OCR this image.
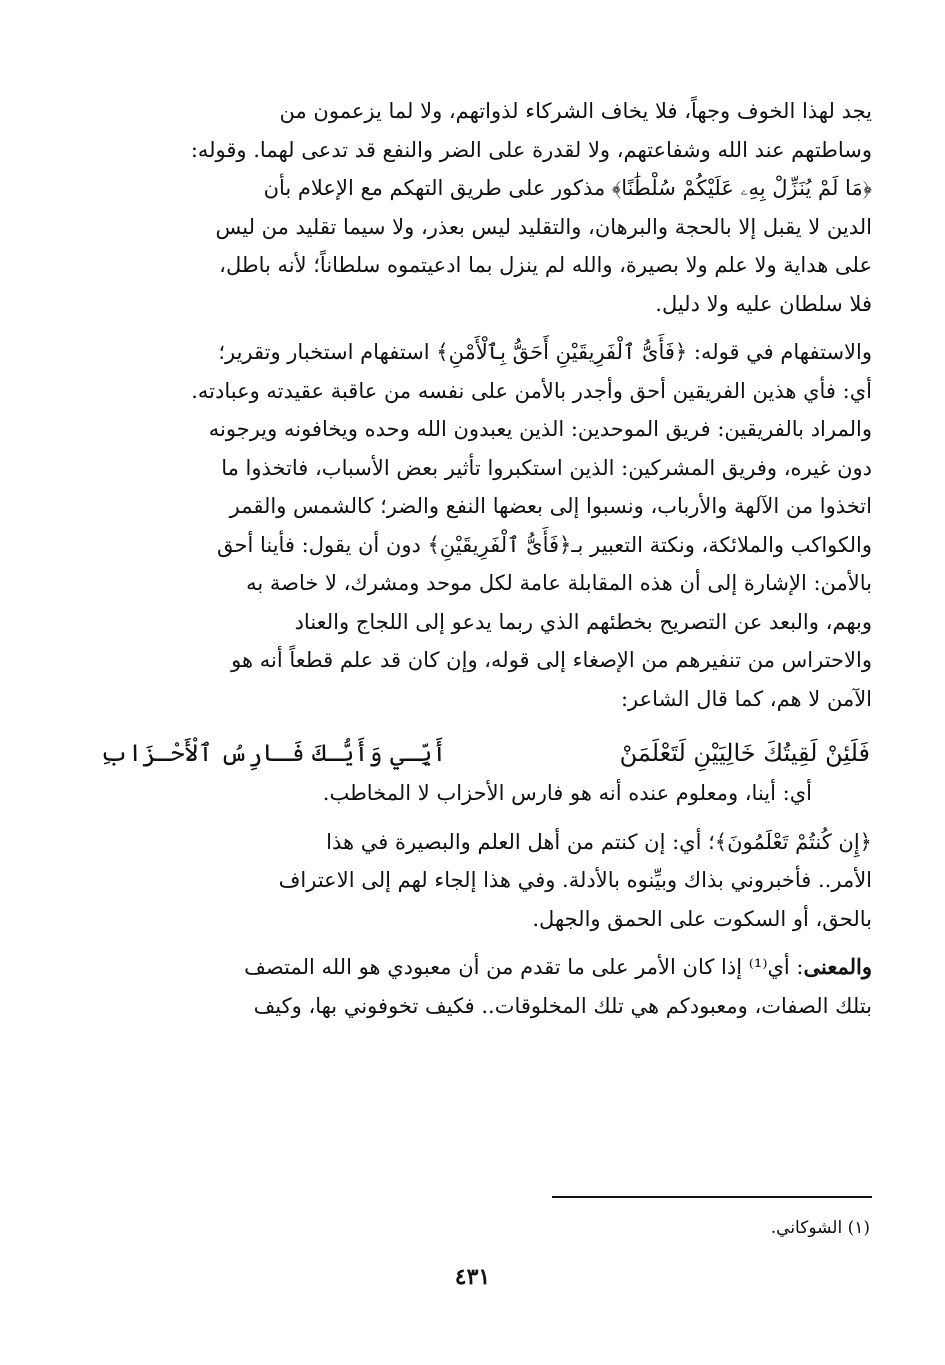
يجد لهذا الخوف وجهاً، فلا يخاف الشركاء لذواتهم، ولا لما يزعمون من

وساطتهم عند الله وشفاعتهم، ولا لقدرة على الضر والنفع قد تدعى لهما. وقوله:

﴿مَا لَمْ يُنَزِّلْ بِهِۦ عَلَيْكُمْ سُلْطَٰنًا﴾ مذكور على طريق التهكم مع الإعلام بأن

الدين لا يقبل إلا بالحجة والبرهان، والتقليد ليس بعذر، ولا سيما تقليد من ليس

على هداية ولا علم ولا بصيرة، والله لم ينزل بما ادعيتموه سلطاناً؛ لأنه باطل،

فلا سلطان عليه ولا دليل.

والاستفهام في قوله: ﴿فَأَىُّ ٱلْفَرِيقَيْنِ أَحَقُّ بِٱلْأَمْنِ﴾ استفهام استخبار وتقرير؛

أي: فأي هذين الفريقين أحق وأجدر بالأمن على نفسه من عاقبة عقيدته وعبادته.

والمراد بالفريقين: فريق الموحدين: الذين يعبدون الله وحده ويخافونه ويرجونه

دون غيره، وفريق المشركين: الذين استكبروا تأثير بعض الأسباب، فاتخذوا ما

اتخذوا من الآلهة والأرباب، ونسبوا إلى بعضها النفع والضر؛ كالشمس والقمر

والكواكب والملائكة، ونكتة التعبير بـ﴿فَأَىُّ ٱلْفَرِيقَيْنِ﴾ دون أن يقول: فأينا أحق

بالأمن: الإشارة إلى أن هذه المقابلة عامة لكل موحد ومشرك، لا خاصة به

وبهم، والبعد عن التصريح بخطئهم الذي ربما يدعو إلى اللجاج والعناد

والاحتراس من تنفيرهم من الإصغاء إلى قوله، وإن كان قد علم قطعاً أنه هو

الآمن لا هم، كما قال الشاعر:

فَلَئِنْ لَقِيتُكَ خَالِيَيْنِ لَتَعْلَمَنْ
أَيِّـي وَأَيُّـكَ فَـارِسُ ٱلْأَحْـزَابِ

أي: أينا، ومعلوم عنده أنه هو فارس الأحزاب لا المخاطب.

﴿إِن كُنتُمْ تَعْلَمُونَ﴾؛ أي: إن كنتم من أهل العلم والبصيرة في هذا

الأمر.. فأخبروني بذاك وبيِّنوه بالأدلة. وفي هذا إلجاء لهم إلى الاعتراف

بالحق، أو السكوت على الحمق والجهل.

والمعنى: أي⁽¹⁾ إذا كان الأمر على ما تقدم من أن معبودي هو الله المتصف

بتلك الصفات، ومعبودكم هي تلك المخلوقات.. فكيف تخوفوني بها، وكيف

(١) الشوكاني.
٤٣١
